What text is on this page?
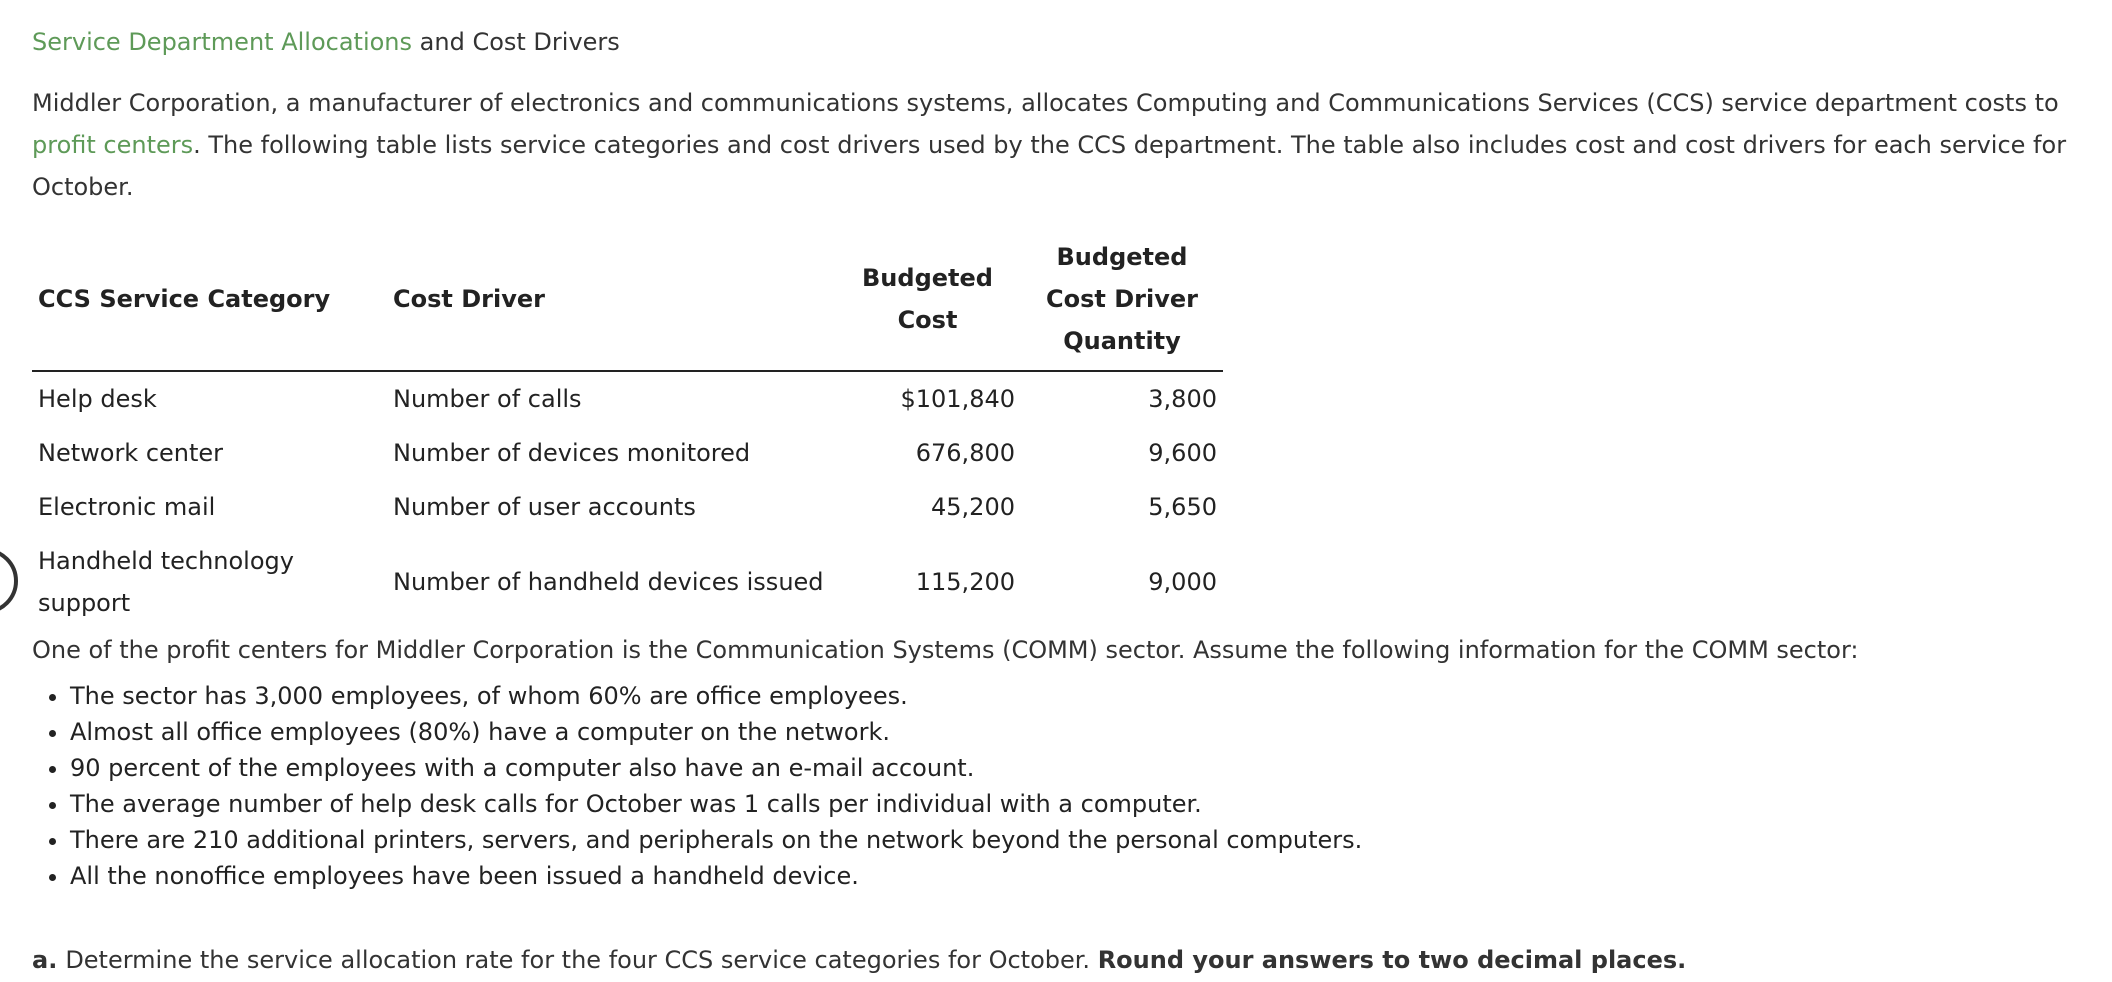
Service Department Allocations and Cost Drivers
Middler Corporation, a manufacturer of electronics and communications systems, allocates Computing and Communications Services (CCS) service department costs to profit centers. The following table lists service categories and cost drivers used by the CCS department. The table also includes cost and cost drivers for each service for October.
CCS Service Category	Cost Driver	Budgeted Cost	Budgeted Cost Driver Quantity
Help desk	Number of calls	$101,840	3,800
Network center	Number of devices monitored	676,800	9,600
Electronic mail	Number of user accounts	45,200	5,650
Handheld technology support	Number of handheld devices issued	115,200	9,000
One of the profit centers for Middler Corporation is the Communication Systems (COMM) sector. Assume the following information for the COMM sector:
• The sector has 3,000 employees, of whom 60% are office employees.
• Almost all office employees (80%) have a computer on the network.
• 90 percent of the employees with a computer also have an e-mail account.
• The average number of help desk calls for October was 1 calls per individual with a computer.
• There are 210 additional printers, servers, and peripherals on the network beyond the personal computers.
• All the nonoffice employees have been issued a handheld device.
a. Determine the service allocation rate for the four CCS service categories for October. Round your answers to two decimal places.
